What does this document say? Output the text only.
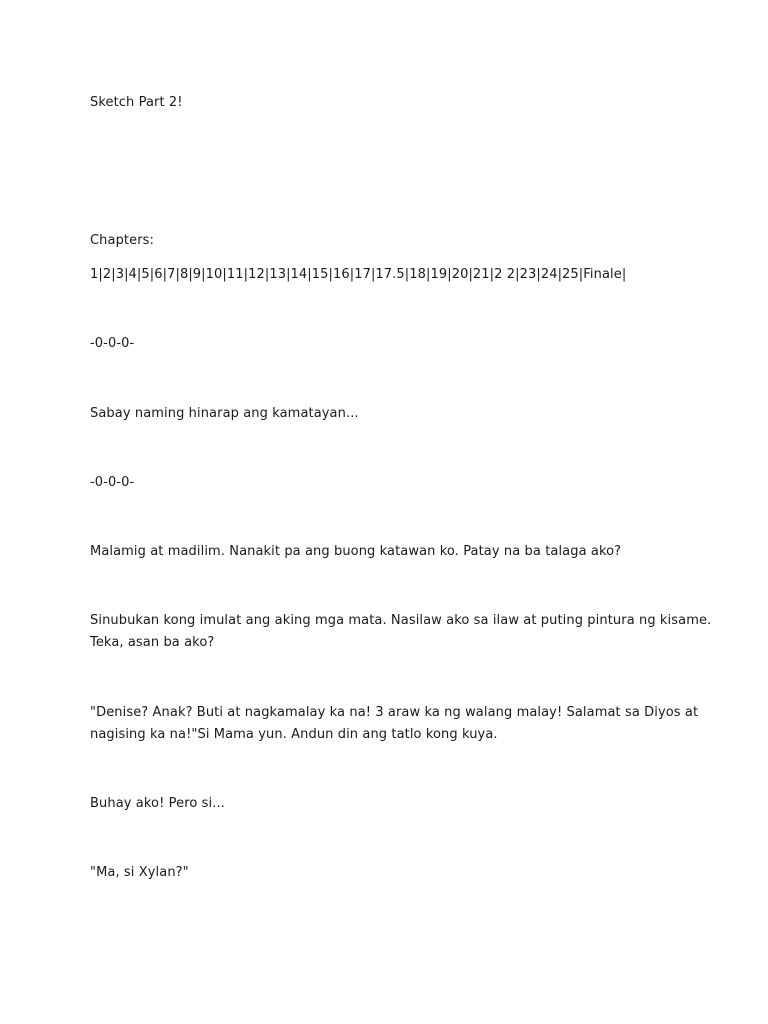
Sketch Part 2!

Chapters:

1|2|3|4|5|6|7|8|9|10|11|12|13|14|15|16|17|17.5|18|19|20|21|2 2|23|24|25|Finale|

-0-0-0-

Sabay naming hinarap ang kamatayan...

-0-0-0-

Malamig at madilim. Nanakit pa ang buong katawan ko. Patay na ba talaga ako?
Sinubukan kong imulat ang aking mga mata. Nasilaw ako sa ilaw at puting pintura ng kisame.
Teka, asan ba ako?
"Denise? Anak? Buti at nagkamalay ka na! 3 araw ka ng walang malay! Salamat sa Diyos at
nagising ka na!"Si Mama yun. Andun din ang tatlo kong kuya.
Buhay ako! Pero si...
"Ma, si Xylan?"
